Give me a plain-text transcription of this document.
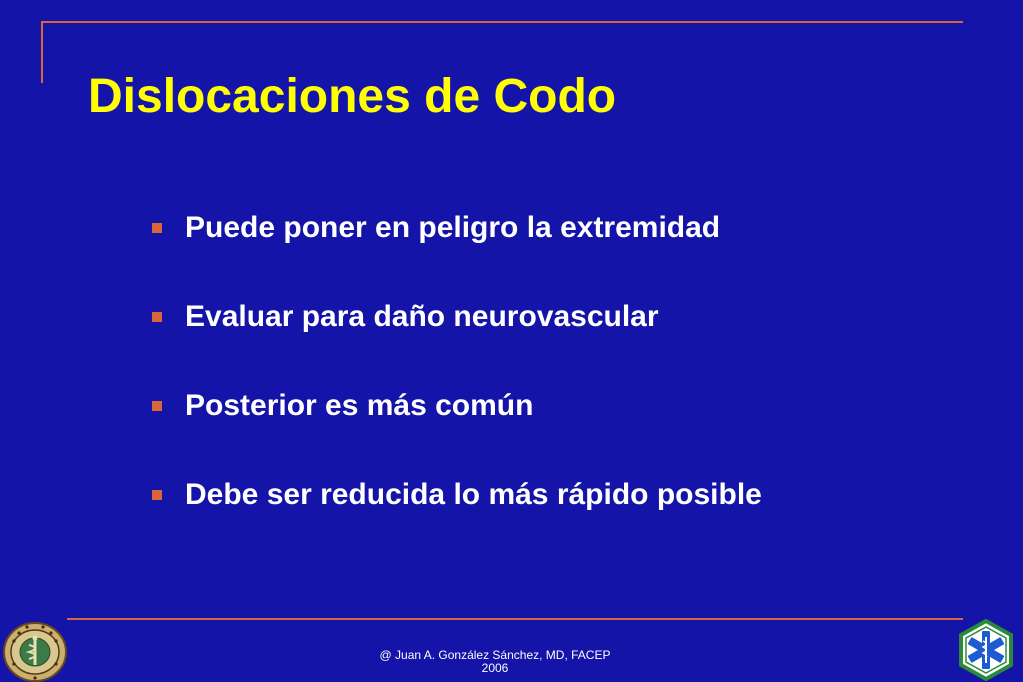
Dislocaciones de Codo
Puede poner en peligro la extremidad
Evaluar para daño neurovascular
Posterior es más común
Debe ser reducida lo más rápido posible
@ Juan A. González Sánchez, MD, FACEP
2006
